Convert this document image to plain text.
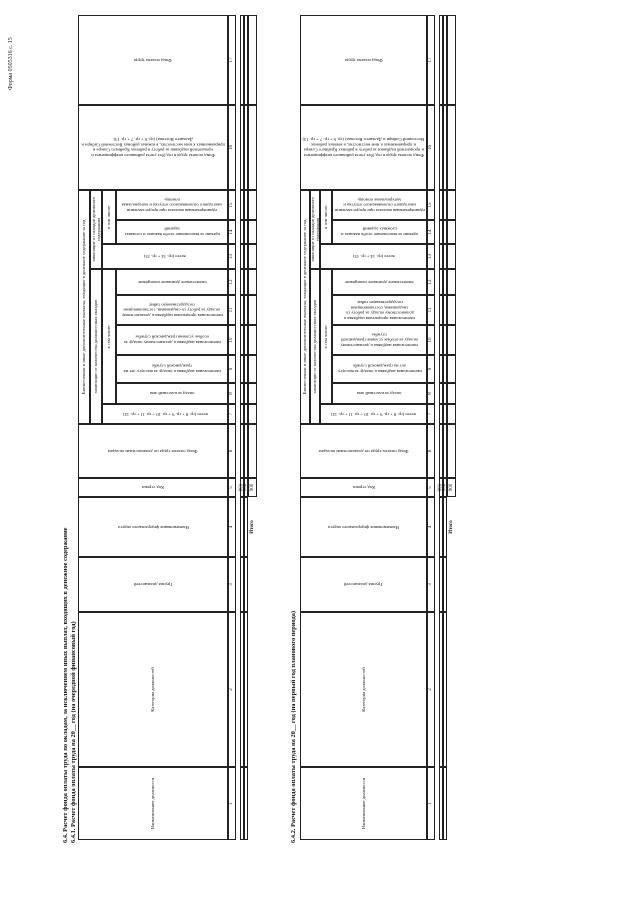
Форма 0505316 с. 15
6.4. Расчет фонда оплаты труда по окладам, за исключением иных выплат, входящих в денежное содержание 6.4.1. Расчет фонда оплаты труда на 20__ год (на очередной финансовый год)	6.4.2. Расчет фонда оплаты труда на 20__ год (на первый год планового периода)
Наименование должности
Категория должностей
Группа должностей
Наименование федерального округа
Код строки
Фонд оплаты труда по должностным окладам
Фонд оплаты труда в год (без учета районного коэффициента и процентной надбавки за работу в районах Крайнего Севера и приравненных к ним местностях, в южных районах Восточной Сибири и Дальнего Востока) (гр. 6 + гр. 7 + гр. 13)
Фонд оплаты труда
Ежемесячные и иные дополнительные выплаты, входящие в денежное содержание за год зависящие от количества должностных окладов
зависящие от окладов денежного содержания
всего (гр. 8 + гр. 9 + гр. 10 + гр. 11 + гр. 12)
в том числе:
всего (гр. 14 + гр. 15)
в том числе:
оклад за классный чин
ежемесячная надбавка к окладу за выслугу лет на гражданской службе
ежемесячная надбавка к должностному окладу за особые условия гражданской службы
ежемесячная процентная надбавка к должностному окладу за работу со сведениями, составляющими государственную тайну
ежемесячное денежное поощрение
премии за выполнение особо важных и сложных заданий
единовременная выплата при предоставлении ежегодного оплачиваемого отпуска и материальная помощь
1
2
3
4
5
6
7
8
9
10
11
12
13
14
15
16
17
001 002
Итого
900
Наименование должности
Категория должностей
Группа должностей
Наименование федерального округа
Код строки
Фонд оплаты труда по должностным окладам
Фонд оплаты труда в год (без учета районного коэффициента и процентной надбавки за работу в районах Крайнего Севера и приравненных к ним местностях, в южных районах Восточной Сибири и Дальнего Востока) (гр. 6 + гр. 7 + гр. 13)
Фонд оплаты труда
Ежемесячные и иные дополнительные выплаты, входящие в денежное содержание за год зависящие от количества должностных окладов
зависящие от окладов денежного содержания
всего (гр. 8 + гр. 9 + гр. 10 + гр. 11 + гр. 12)
в том числе:
всего (гр. 14 + гр. 15)
в том числе:
оклад за классный чин
ежемесячная надбавка к окладу за выслугу лет на гражданской службе
ежемесячная надбавка к должностному окладу за особые условия гражданской службы
ежемесячная процентная надбавка к должностному окладу за работу со сведениями, составляющими государственную тайну
ежемесячное денежное поощрение
премии за выполнение особо важных и сложных заданий
единовременная выплата при предоставлении ежегодного оплачиваемого отпуска и материальная помощь
1
2
3
4
5
6
7
8
9
10
11
12
13
14
15
16
17
001 002
Итого
900
